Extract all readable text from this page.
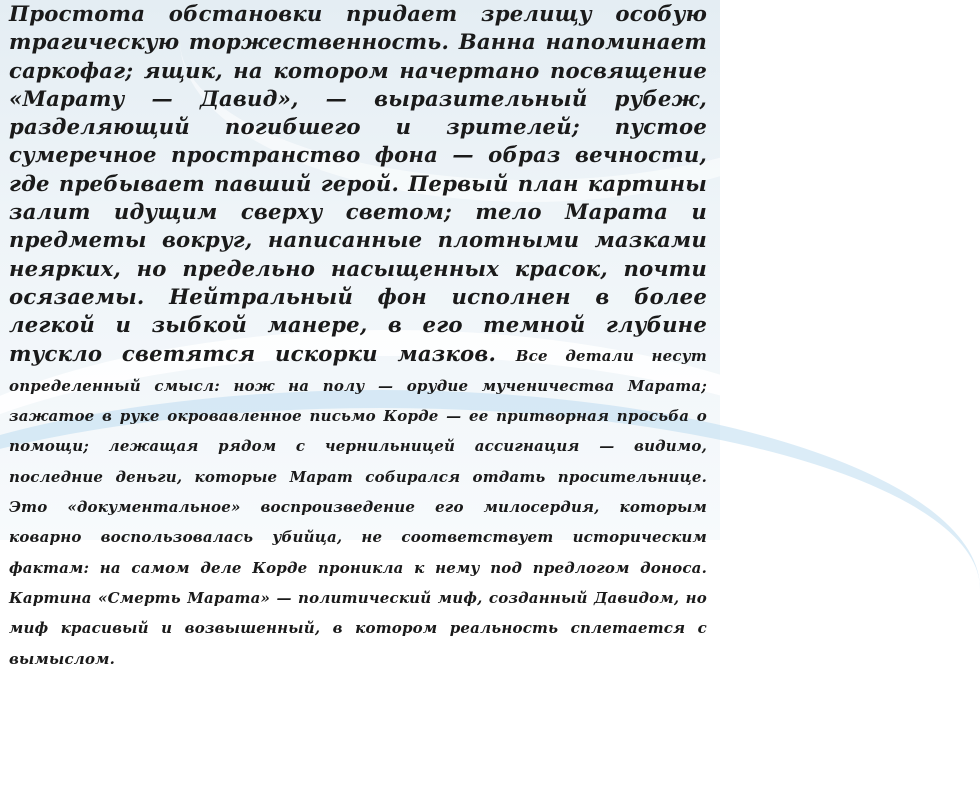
Простота обстановки придает зрелищу особую трагическую торжественность. Ванна напоминает саркофаг; ящик, на котором начертано посвящение «Марату — Давид», — выразительный рубеж, разделяющий погибшего и зрителей; пустое сумеречное пространство фона — образ вечности, где пребывает павший герой. Первый план картины залит идущим сверху светом; тело Марата и предметы вокруг, написанные плотными мазками неярких, но предельно насыщенных красок, почти осязаемы. Нейтральный фон исполнен в более легкой и зыбкой манере, в его темной глубине тускло светятся искорки мазков. Все детали несут определенный смысл: нож на полу — орудие мученичества Марата; зажатое в руке окровавленное письмо Корде — ее притворная просьба о помощи; лежащая рядом с чернильницей ассигнация — видимо, последние деньги, которые Марат собирался отдать просительнице. Это «документальное» воспроизведение его милосердия, которым коварно воспользовалась убийца, не соответствует историческим фактам: на самом деле Корде проникла к нему под предлогом доноса. Картина «Смерть Марата» — политический миф, созданный Давидом, но миф красивый и возвышенный, в котором реальность сплетается с вымыслом.
